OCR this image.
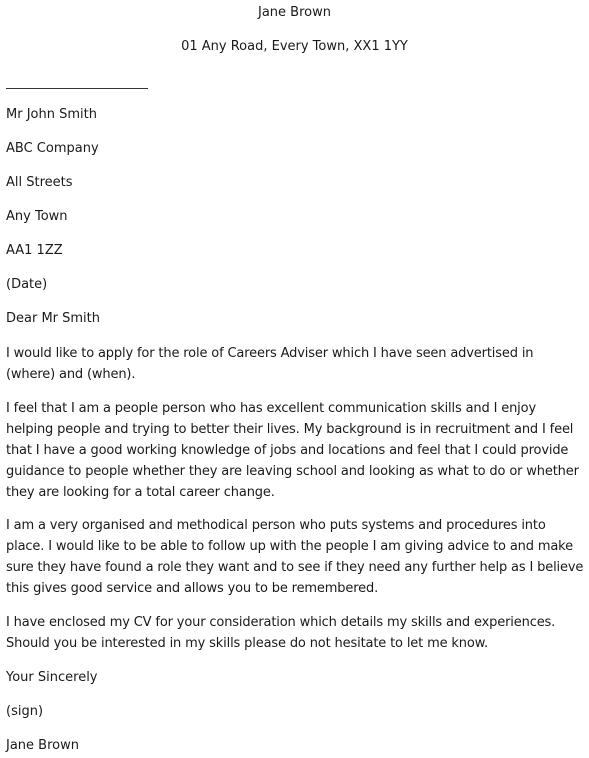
Jane Brown
01 Any Road, Every Town, XX1 1YY
Mr John Smith
ABC Company
All Streets
Any Town
AA1 1ZZ
(Date)
Dear Mr Smith
I would like to apply for the role of Careers Adviser which I have seen advertised in (where) and (when).
I feel that I am a people person who has excellent communication skills and I enjoy helping people and trying to better their lives. My background is in recruitment and I feel that I have a good working knowledge of jobs and locations and feel that I could provide guidance to people whether they are leaving school and looking as what to do or whether they are looking for a total career change.
I am a very organised and methodical person who puts systems and procedures into place. I would like to be able to follow up with the people I am giving advice to and make sure they have found a role they want and to see if they need any further help as I believe this gives good service and allows you to be remembered.
I have enclosed my CV for your consideration which details my skills and experiences. Should you be interested in my skills please do not hesitate to let me know.
Your Sincerely
(sign)
Jane Brown
